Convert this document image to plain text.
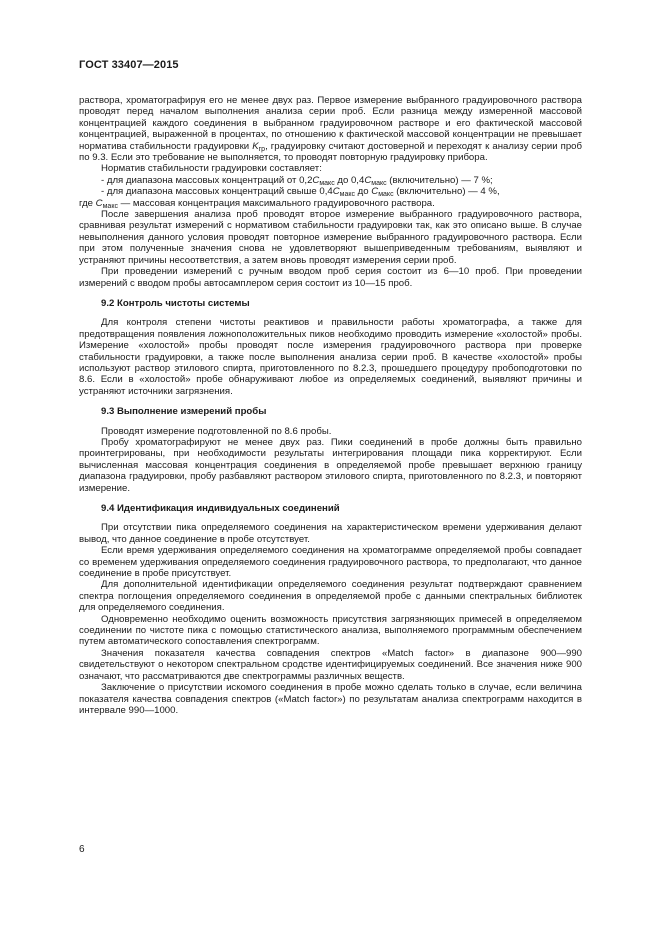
ГОСТ 33407—2015

раствора, хроматографируя его не менее двух раз. Первое измерение выбранного градуировочного раствора проводят перед началом выполнения анализа серии проб. Если разница между измеренной массовой концентрацией каждого соединения в выбранном градуировочном растворе и его фактической массовой концентрацией, выраженной в процентах, по отношению к фактической массовой концентрации не превышает норматива стабильности градуировки $K_{гр}$, градуировку считают достоверной и переходят к анализу серии проб по 9.3. Если это требование не выполняется, то проводят повторную градуировку прибора.

Норматив стабильности градуировки составляет:

- для диапазона массовых концентраций от $0,2C_{макс}$ до $0,4C_{макс}$ (включительно) — 7 %;

- для диапазона массовых концентраций свыше $0,4C_{макс}$ до $C_{макс}$ (включительно) — 4 %,

где $C_{макс}$ — массовая концентрация максимального градуировочного раствора.

После завершения анализа проб проводят второе измерение выбранного градуировочного раствора, сравнивая результат измерений с нормативом стабильности градуировки так, как это описано выше. В случае невыполнения данного условия проводят повторное измерение выбранного градуировочного раствора. Если при этом полученные значения снова не удовлетворяют вышеприведенным требованиям, выявляют и устраняют причины несоответствия, а затем вновь проводят измерения серии проб.

При проведении измерений с ручным вводом проб серия состоит из 6—10 проб. При проведении измерений с вводом пробы автосамплером серия состоит из 10—15 проб.

9.2 Контроль чистоты системы

Для контроля степени чистоты реактивов и правильности работы хроматографа, а также для предотвращения появления ложноположительных пиков необходимо проводить измерение «холостой» пробы. Измерение «холостой» пробы проводят после измерения градуировочного раствора при проверке стабильности градуировки, а также после выполнения анализа серии проб. В качестве «холостой» пробы используют раствор этилового спирта, приготовленного по 8.2.3, прошедшего процедуру пробоподготовки по 8.6. Если в «холостой» пробе обнаруживают любое из определяемых соединений, выявляют причины и устраняют источники загрязнения.

9.3 Выполнение измерений пробы

Проводят измерение подготовленной по 8.6 пробы.

Пробу хроматографируют не менее двух раз. Пики соединений в пробе должны быть правильно проинтегрированы, при необходимости результаты интегрирования площади пика корректируют. Если вычисленная массовая концентрация соединения в определяемой пробе превышает верхнюю границу диапазона градуировки, пробу разбавляют раствором этилового спирта, приготовленного по 8.2.3, и повторяют измерение.

9.4 Идентификация индивидуальных соединений

При отсутствии пика определяемого соединения на характеристическом времени удерживания делают вывод, что данное соединение в пробе отсутствует.

Если время удерживания определяемого соединения на хроматограмме определяемой пробы совпадает со временем удерживания определяемого соединения градуировочного раствора, то предполагают, что данное соединение в пробе присутствует.

Для дополнительной идентификации определяемого соединения результат подтверждают сравнением спектра поглощения определяемого соединения в определяемой пробе с данными спектральных библиотек для определяемого соединения.

Одновременно необходимо оценить возможность присутствия загрязняющих примесей в определяемом соединении по чистоте пика с помощью статистического анализа, выполняемого программным обеспечением путем автоматического сопоставления спектрограмм.

Значения показателя качества совпадения спектров «Match factor» в диапазоне 900—990 свидетельствуют о некотором спектральном сродстве идентифицируемых соединений. Все значения ниже 900 означают, что рассматриваются две спектрограммы различных веществ.

Заключение о присутствии искомого соединения в пробе можно сделать только в случае, если величина показателя качества совпадения спектров («Match factor») по результатам анализа спектрограмм находится в интервале 990—1000.

6
